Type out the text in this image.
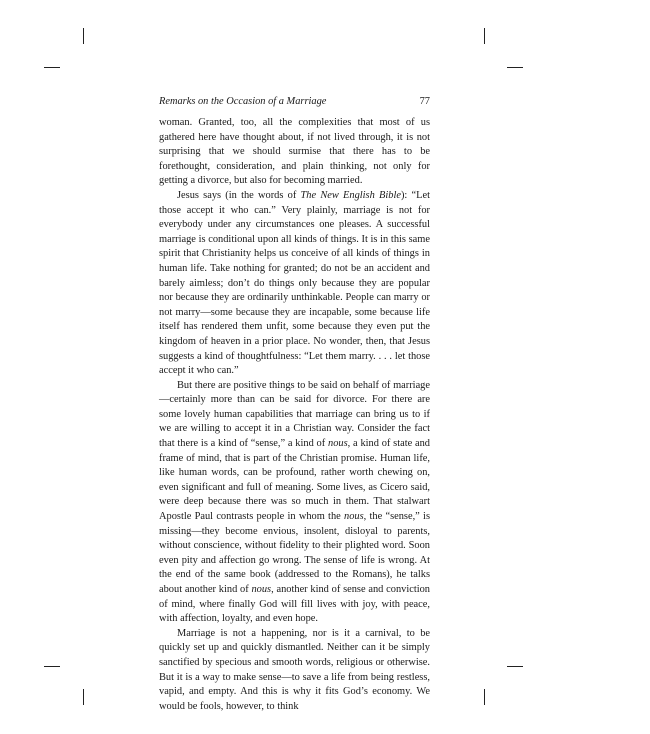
Remarks on the Occasion of a Marriage	77

woman. Granted, too, all the complexities that most of us gathered here have thought about, if not lived through, it is not surprising that we should surmise that there has to be forethought, consideration, and plain thinking, not only for getting a divorce, but also for becoming married.

Jesus says (in the words of The New English Bible): “Let those accept it who can.” Very plainly, marriage is not for everybody under any circumstances one pleases. A successful marriage is conditional upon all kinds of things. It is in this same spirit that Christianity helps us conceive of all kinds of things in human life. Take nothing for granted; do not be an accident and barely aimless; don’t do things only because they are popular nor because they are ordinarily unthinkable. People can marry or not marry—some because they are incapable, some because life itself has rendered them unfit, some because they even put the kingdom of heaven in a prior place. No wonder, then, that Jesus suggests a kind of thoughtfulness: “Let them marry. . . . let those accept it who can.”

But there are positive things to be said on behalf of marriage—certainly more than can be said for divorce. For there are some lovely human capabilities that marriage can bring us to if we are willing to accept it in a Christian way. Consider the fact that there is a kind of “sense,” a kind of nous, a kind of state and frame of mind, that is part of the Christian promise. Human life, like human words, can be profound, rather worth chewing on, even significant and full of meaning. Some lives, as Cicero said, were deep because there was so much in them. That stalwart Apostle Paul contrasts people in whom the nous, the “sense,” is missing—they become envious, insolent, disloyal to parents, without conscience, without fidelity to their plighted word. Soon even pity and affection go wrong. The sense of life is wrong. At the end of the same book (addressed to the Romans), he talks about another kind of nous, another kind of sense and conviction of mind, where finally God will fill lives with joy, with peace, with affection, loyalty, and even hope.

Marriage is not a happening, nor is it a carnival, to be quickly set up and quickly dismantled. Neither can it be simply sanctified by specious and smooth words, religious or otherwise. But it is a way to make sense—to save a life from being restless, vapid, and empty. And this is why it fits God’s economy. We would be fools, however, to think
